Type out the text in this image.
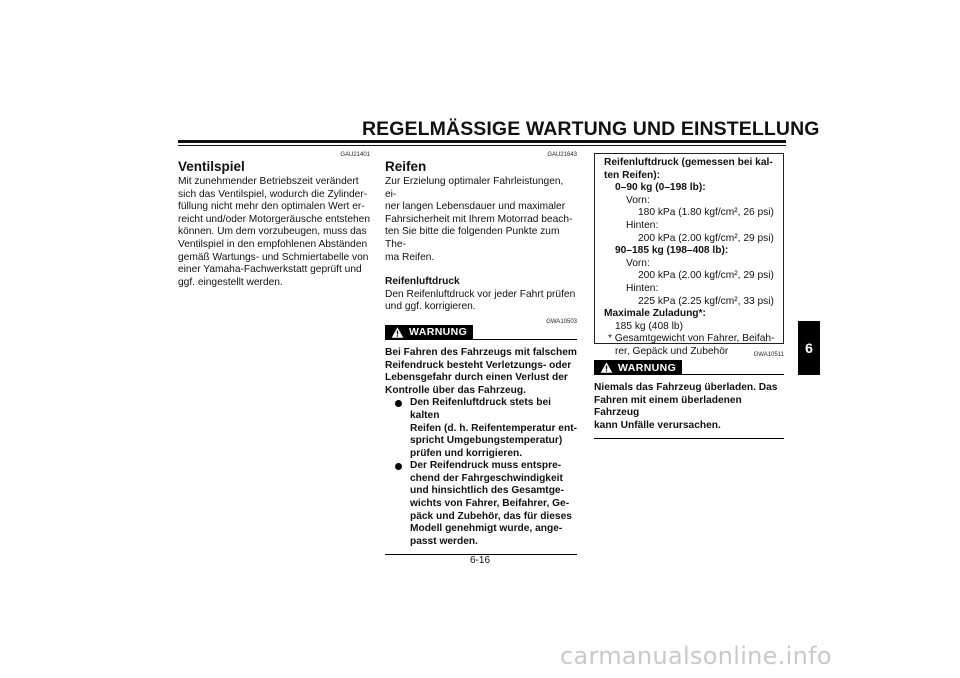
REGELMÄSSIGE WARTUNG UND EINSTELLUNG
6
GAU21401
Ventilspiel
Mit zunehmender Betriebszeit verändert
sich das Ventilspiel, wodurch die Zylinder-
füllung nicht mehr den optimalen Wert er-
reicht und/oder Motorgeräusche entstehen
können. Um dem vorzubeugen, muss das
Ventilspiel in den empfohlenen Abständen
gemäß Wartungs- und Schmiertabelle von
einer Yamaha-Fachwerkstatt geprüft und
ggf. eingestellt werden.
GAU21643
Reifen
Zur Erzielung optimaler Fahrleistungen, ei-
ner langen Lebensdauer und maximaler
Fahrsicherheit mit Ihrem Motorrad beach-
ten Sie bitte die folgenden Punkte zum The-
ma Reifen.
Reifenluftdruck
Den Reifenluftdruck vor jeder Fahrt prüfen
und ggf. korrigieren.
GWA10503
WARNUNG
Bei Fahren des Fahrzeugs mit falschem
Reifendruck besteht Verletzungs- oder
Lebensgefahr durch einen Verlust der
Kontrolle über das Fahrzeug.
Den Reifenluftdruck stets bei kalten
Reifen (d. h. Reifentemperatur ent-
spricht Umgebungstemperatur)
prüfen und korrigieren.
Der Reifendruck muss entspre-
chend der Fahrgeschwindigkeit
und hinsichtlich des Gesamtge-
wichts von Fahrer, Beifahrer, Ge-
päck und Zubehör, das für dieses
Modell genehmigt wurde, ange-
passt werden.
Reifenluftdruck (gemessen bei kal-
ten Reifen):
0–90 kg (0–198 lb):
Vorn:
180 kPa (1.80 kgf/cm², 26 psi)
Hinten:
200 kPa (2.00 kgf/cm², 29 psi)
90–185 kg (198–408 lb):
Vorn:
200 kPa (2.00 kgf/cm², 29 psi)
Hinten:
225 kPa (2.25 kgf/cm², 33 psi)
Maximale Zuladung*:
185 kg (408 lb)
* Gesamtgewicht von Fahrer, Beifah-
rer, Gepäck und Zubehör	GWA10511
WARNUNG
Niemals das Fahrzeug überladen. Das
Fahren mit einem überladenen Fahrzeug
kann Unfälle verursachen.
6-16
carmanualsonline.info
